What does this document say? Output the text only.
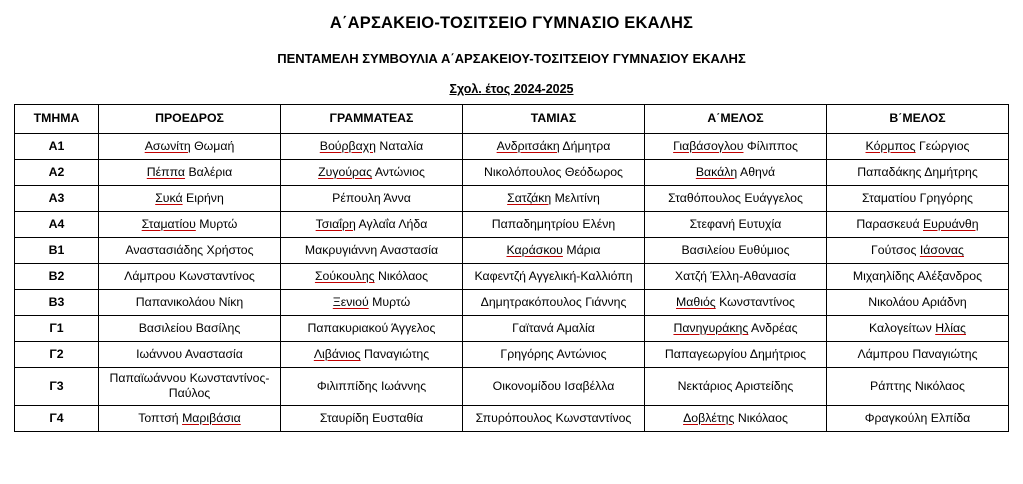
Α΄ΑΡΣΑΚΕΙΟ-ΤΟΣΙΤΣΕΙΟ ΓΥΜΝΑΣΙΟ ΕΚΑΛΗΣ
ΠΕΝΤΑΜΕΛΗ ΣΥΜΒΟΥΛΙΑ Α΄ΑΡΣΑΚΕΙΟΥ-ΤΟΣΙΤΣΕΙΟΥ ΓΥΜΝΑΣΙΟΥ ΕΚΑΛΗΣ
Σχολ. έτος 2024-2025
ΤΜΗΜΑ	ΠΡΟΕΔΡΟΣ	ΓΡΑΜΜΑΤΕΑΣ	ΤΑΜΙΑΣ	Α΄ΜΕΛΟΣ	Β΄ΜΕΛΟΣ
Α1	Ασωνίτη Θωμαή	Βούρβαχη Ναταλία	Ανδριτσάκη Δήμητρα	Γιαβάσογλου Φίλιππος	Κόρμπος Γεώργιος
Α2	Πέππα Βαλέρια	Ζυγούρας Αντώνιος	Νικολόπουλος Θεόδωρος	Βακάλη Αθηνά	Παπαδάκης Δημήτρης
Α3	Συκά Ειρήνη	Ρέπουλη Άννα	Σατζάκη Μελιτίνη	Σταθόπουλος Ευάγγελος	Σταματίου Γρηγόρης
Α4	Σταματίου Μυρτώ	Τσιαΐρη Αγλαΐα Λήδα	Παπαδημητρίου Ελένη	Στεφανή Ευτυχία	Παρασκευά Ευρυάνθη
Β1	Αναστασιάδης Χρήστος	Μακρυγιάννη Αναστασία	Καράσκου Μάρια	Βασιλείου Ευθύμιος	Γούτσος Ιάσονας
Β2	Λάμπρου Κωνσταντίνος	Σούκουλης Νικόλαος	Καφεντζή Αγγελική-Καλλιόπη	Χατζή Έλλη-Αθανασία	Μιχαηλίδης Αλέξανδρος
Β3	Παπανικολάου Νίκη	Ξενιού Μυρτώ	Δημητρακόπουλος Γιάννης	Μαθιός Κωνσταντίνος	Νικολάου Αριάδνη
Γ1	Βασιλείου Βασίλης	Παπακυριακού Άγγελος	Γαϊτανά Αμαλία	Πανηγυράκης Ανδρέας	Καλογείτων Ηλίας
Γ2	Ιωάννου Αναστασία	Λιβάνιος Παναγιώτης	Γρηγόρης Αντώνιος	Παπαγεωργίου Δημήτριος	Λάμπρου Παναγιώτης
Γ3	Παπαϊωάννου Κωνσταντίνος-Παύλος	Φιλιππίδης Ιωάννης	Οικονομίδου Ισαβέλλα	Νεκτάριος Αριστείδης	Ράπτης Νικόλαος
Γ4	Τοπτσή Μαριβάσια	Σταυρίδη Ευσταθία	Σπυρόπουλος Κωνσταντίνος	Δοβλέτης Νικόλαος	Φραγκούλη Ελπίδα
